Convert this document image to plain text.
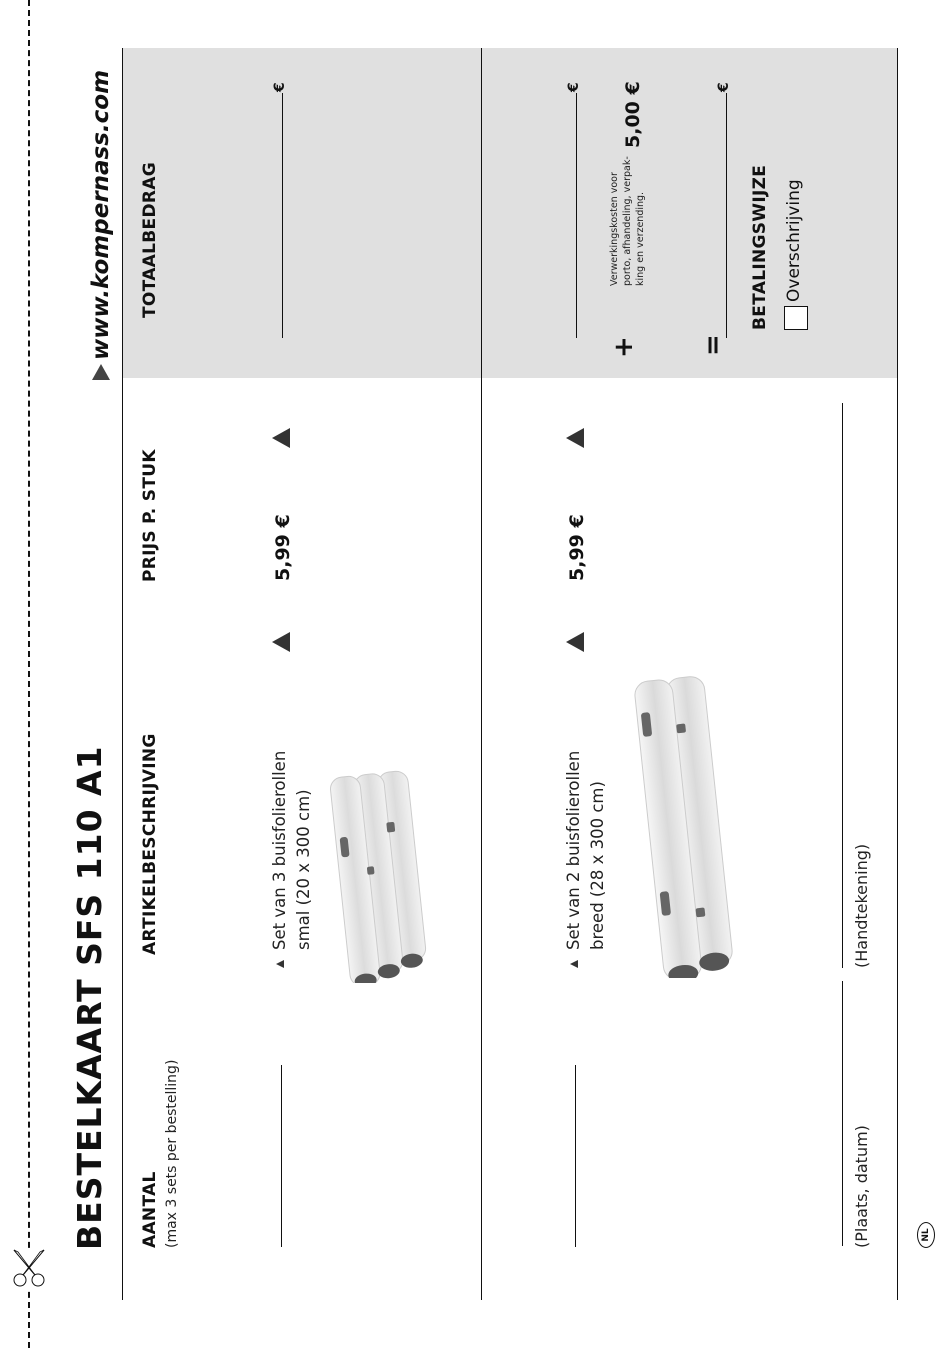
BESTELKAART SFS 110 A1
www.kompernass.com
AANTAL (max 3 sets per bestelling)
ARTIKELBESCHRIJVING
PRIJS P. STUK
TOTAALBEDRAG
Set van 3 buisfolierollen smal (20 x 300 cm)
5,99 €
€
Set van 2 buisfolierollen breed (28 x 300 cm)
5,99 €
€
+
Verwerkingskosten voor porto, afhandeling, verpak-king en verzending.
5,00 €
=
€
BETALINGSWIJZE Overschrijving
(Plaats, datum)
(Handtekening)
NL
